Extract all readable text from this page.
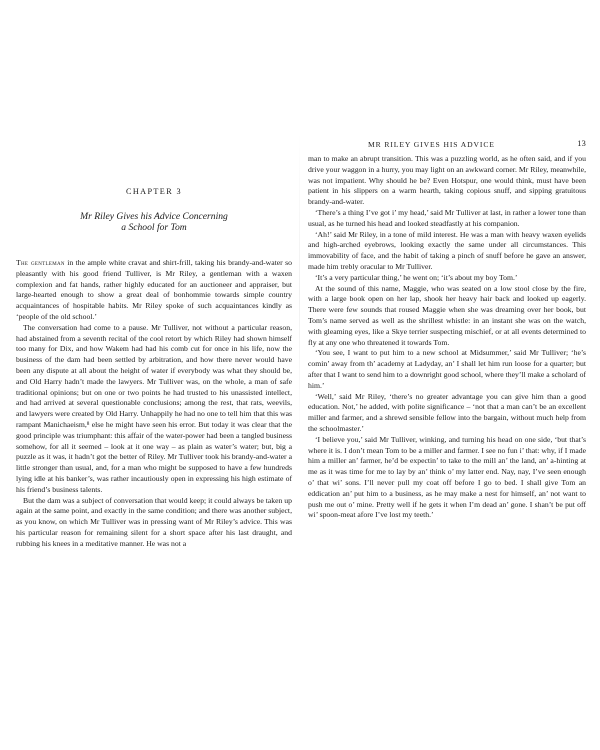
CHAPTER 3
Mr Riley Gives his Advice Concerning
a School for Tom

The gentleman in the ample white cravat and shirt-frill, taking his brandy-and-water so pleasantly with his good friend Tulliver, is Mr Riley, a gentleman with a waxen complexion and fat hands, rather highly educated for an auctioneer and appraiser, but large-hearted enough to show a great deal of bonhommie towards simple country acquaintances of hospitable habits. Mr Riley spoke of such acquaintances kindly as ‘people of the old school.’

The conversation had come to a pause. Mr Tulliver, not without a particular reason, had abstained from a seventh recital of the cool retort by which Riley had shown himself too many for Dix, and how Wakem had had his comb cut for once in his life, now the business of the dam had been settled by arbitration, and how there never would have been any dispute at all about the height of water if everybody was what they should be, and Old Harry hadn’t made the lawyers. Mr Tulliver was, on the whole, a man of safe traditional opinions; but on one or two points he had trusted to his unassisted intellect, and had arrived at several questionable conclusions; among the rest, that rats, weevils, and lawyers were created by Old Harry. Unhappily he had no one to tell him that this was rampant Manichaeism,⁸ else he might have seen his error. But today it was clear that the good principle was triumphant: this affair of the water-power had been a tangled business somehow, for all it seemed – look at it one way – as plain as water’s water; but, big a puzzle as it was, it hadn’t got the better of Riley. Mr Tulliver took his brandy-and-water a little stronger than usual, and, for a man who might be supposed to have a few hundreds lying idle at his banker’s, was rather incautiously open in expressing his high estimate of his friend’s business talents.

But the dam was a subject of conversation that would keep; it could always be taken up again at the same point, and exactly in the same condition; and there was another subject, as you know, on which Mr Tulliver was in pressing want of Mr Riley’s advice. This was his particular reason for remaining silent for a short space after his last draught, and rubbing his knees in a meditative manner. He was not a

MR RILEY GIVES HIS ADVICE	13

man to make an abrupt transition. This was a puzzling world, as he often said, and if you drive your waggon in a hurry, you may light on an awkward corner. Mr Riley, meanwhile, was not impatient. Why should he be? Even Hotspur, one would think, must have been patient in his slippers on a warm hearth, taking copious snuff, and sipping gratuitous brandy-and-water.

‘There’s a thing I’ve got i’ my head,’ said Mr Tulliver at last, in rather a lower tone than usual, as he turned his head and looked steadfastly at his companion.

‘Ah!’ said Mr Riley, in a tone of mild interest. He was a man with heavy waxen eyelids and high-arched eyebrows, looking exactly the same under all circumstances. This immovability of face, and the habit of taking a pinch of snuff before he gave an answer, made him trebly oracular to Mr Tulliver.

‘It’s a very particular thing,’ he went on; ‘it’s about my boy Tom.’

At the sound of this name, Maggie, who was seated on a low stool close by the fire, with a large book open on her lap, shook her heavy hair back and looked up eagerly. There were few sounds that roused Maggie when she was dreaming over her book, but Tom’s name served as well as the shrillest whistle: in an instant she was on the watch, with gleaming eyes, like a Skye terrier suspecting mischief, or at all events determined to fly at any one who threatened it towards Tom.

‘You see, I want to put him to a new school at Midsummer,’ said Mr Tulliver; ‘he’s comin’ away from th’ academy at Ladyday, an’ I shall let him run loose for a quarter; but after that I want to send him to a downright good school, where they’ll make a scholard of him.’

‘Well,’ said Mr Riley, ‘there’s no greater advantage you can give him than a good education. Not,’ he added, with polite significance – ‘not that a man can’t be an excellent miller and farmer, and a shrewd sensible fellow into the bargain, without much help from the schoolmaster.’

‘I believe you,’ said Mr Tulliver, winking, and turning his head on one side, ‘but that’s where it is. I don’t mean Tom to be a miller and farmer. I see no fun i’ that: why, if I made him a miller an’ farmer, he’d be expectin’ to take to the mill an’ the land, an’ a-hinting at me as it was time for me to lay by an’ think o’ my latter end. Nay, nay, I’ve seen enough o’ that wi’ sons. I’ll never pull my coat off before I go to bed. I shall give Tom an eddication an’ put him to a business, as he may make a nest for himself, an’ not want to push me out o’ mine. Pretty well if he gets it when I’m dead an’ gone. I shan’t be put off wi’ spoon-meat afore I’ve lost my teeth.’
